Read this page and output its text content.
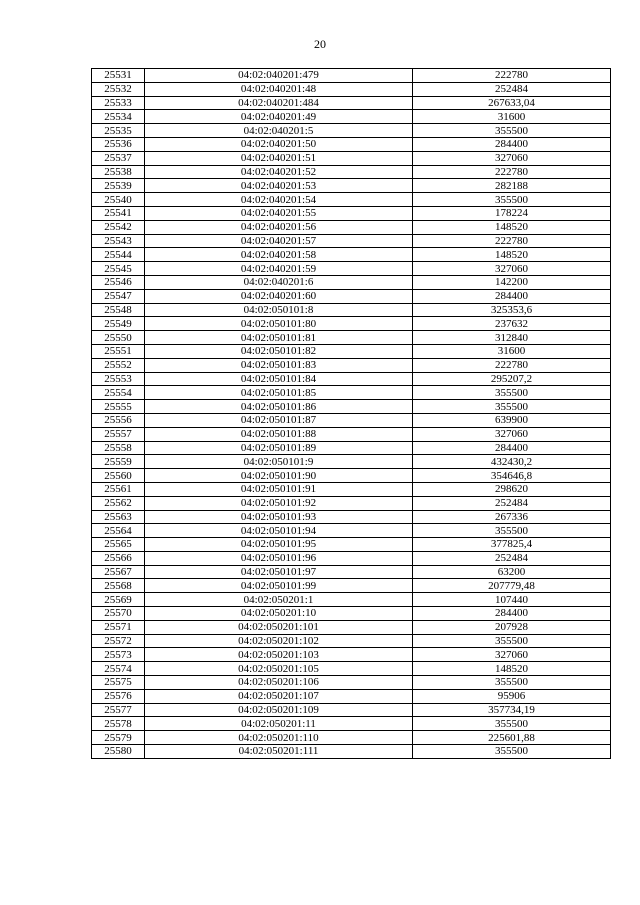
20
25531	04:02:040201:479	222780
25532	04:02:040201:48	252484
25533	04:02:040201:484	267633,04
25534	04:02:040201:49	31600
25535	04:02:040201:5	355500
25536	04:02:040201:50	284400
25537	04:02:040201:51	327060
25538	04:02:040201:52	222780
25539	04:02:040201:53	282188
25540	04:02:040201:54	355500
25541	04:02:040201:55	178224
25542	04:02:040201:56	148520
25543	04:02:040201:57	222780
25544	04:02:040201:58	148520
25545	04:02:040201:59	327060
25546	04:02:040201:6	142200
25547	04:02:040201:60	284400
25548	04:02:050101:8	325353,6
25549	04:02:050101:80	237632
25550	04:02:050101:81	312840
25551	04:02:050101:82	31600
25552	04:02:050101:83	222780
25553	04:02:050101:84	295207,2
25554	04:02:050101:85	355500
25555	04:02:050101:86	355500
25556	04:02:050101:87	639900
25557	04:02:050101:88	327060
25558	04:02:050101:89	284400
25559	04:02:050101:9	432430,2
25560	04:02:050101:90	354646,8
25561	04:02:050101:91	298620
25562	04:02:050101:92	252484
25563	04:02:050101:93	267336
25564	04:02:050101:94	355500
25565	04:02:050101:95	377825,4
25566	04:02:050101:96	252484
25567	04:02:050101:97	63200
25568	04:02:050101:99	207779,48
25569	04:02:050201:1	107440
25570	04:02:050201:10	284400
25571	04:02:050201:101	207928
25572	04:02:050201:102	355500
25573	04:02:050201:103	327060
25574	04:02:050201:105	148520
25575	04:02:050201:106	355500
25576	04:02:050201:107	95906
25577	04:02:050201:109	357734,19
25578	04:02:050201:11	355500
25579	04:02:050201:110	225601,88
25580	04:02:050201:111	355500
